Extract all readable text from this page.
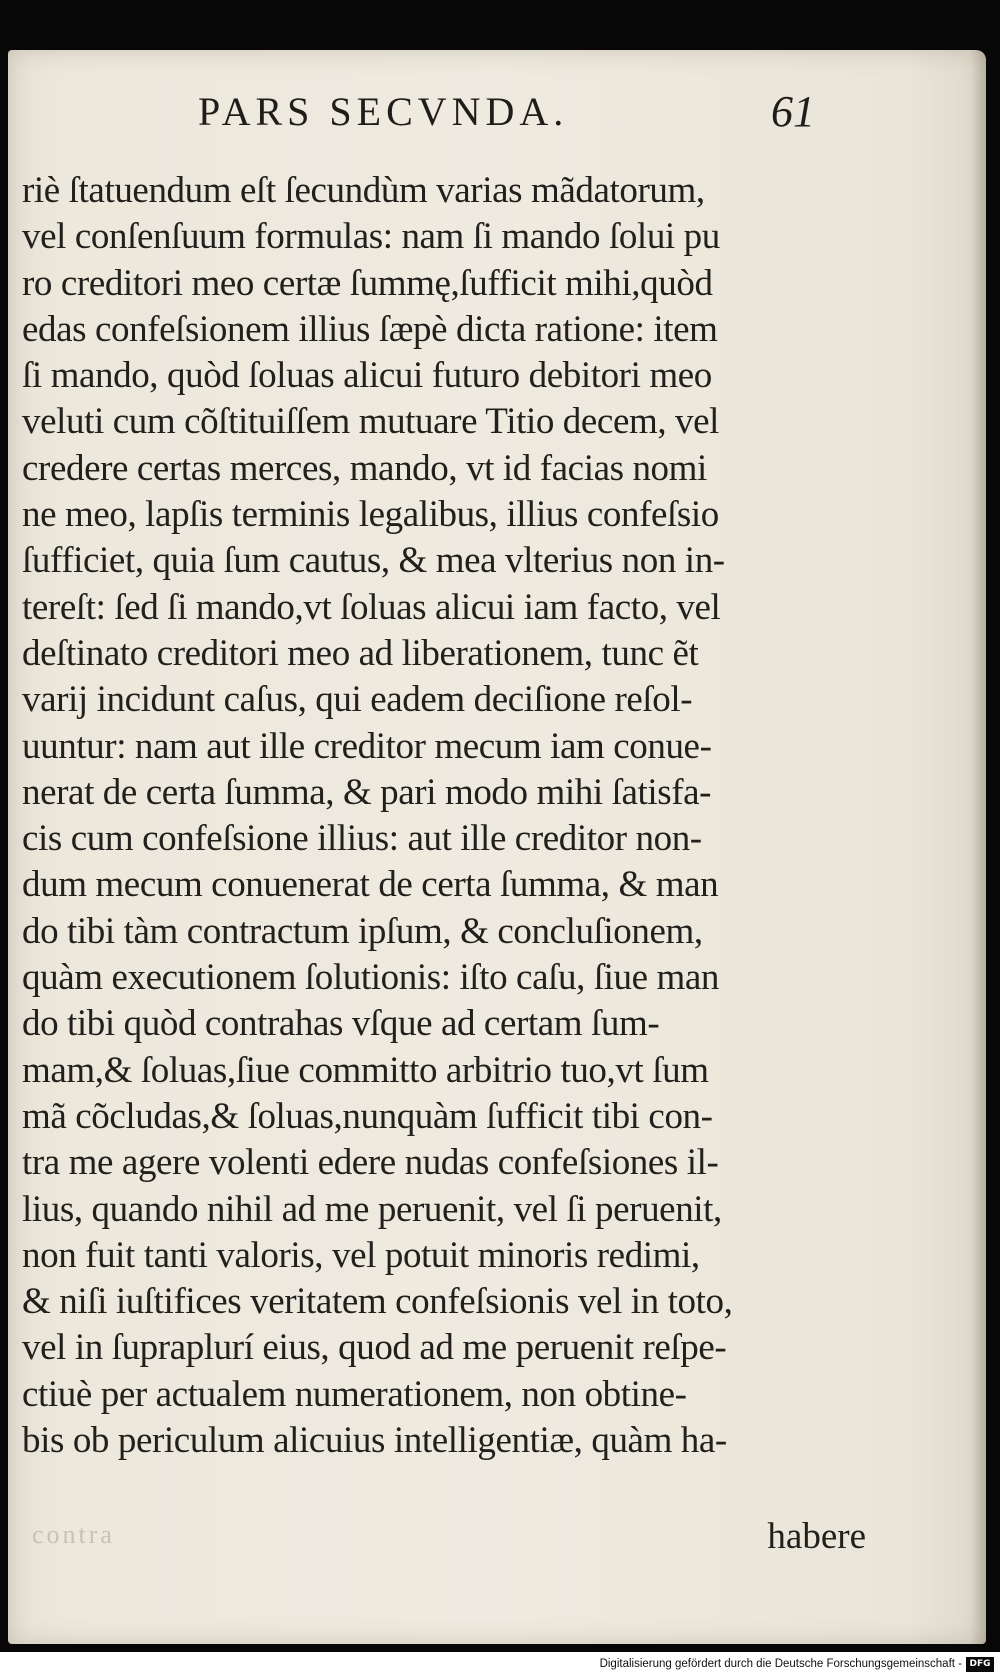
PARS SECVNDA.	61
riè ſtatuendum eſt ſecundùm varias mãdatorum,
vel conſenſuum formulas: nam ſi mando ſolui pu
ro creditori meo certæ ſummę,ſufficit mihi,quòd
edas confeſsionem illius ſæpè dicta ratione: item
ſi mando, quòd ſoluas alicui futuro debitori meo
veluti cum cõſtituiſſem mutuare Titio decem, vel
credere certas merces, mando, vt id facias nomi
ne meo, lapſis terminis legalibus, illius confeſsio
ſufficiet, quia ſum cautus, & mea vlterius non in-
tereſt: ſed ſi mando,vt ſoluas alicui iam facto, vel
deſtinato creditori meo ad liberationem, tunc ẽt
varij incidunt caſus, qui eadem deciſione reſol-
uuntur: nam aut ille creditor mecum iam conue-
nerat de certa ſumma, & pari modo mihi ſatisfa-
cis cum confeſsione illius: aut ille creditor non-
dum mecum conuenerat de certa ſumma, & man
do tibi tàm contractum ipſum, & concluſionem,
quàm executionem ſolutionis: iſto caſu, ſiue man
do tibi quòd contrahas vſque ad certam ſum-
mam,& ſoluas,ſiue committo arbitrio tuo,vt ſum
mã cõcludas,& ſoluas,nunquàm ſufficit tibi con-
tra me agere volenti edere nudas confeſsiones il-
lius, quando nihil ad me peruenit, vel ſi peruenit,
non fuit tanti valoris, vel potuit minoris redimi,
& niſi iuſtifices veritatem confeſsionis vel in toto,
vel in ſupraplurí eius, quod ad me peruenit reſpe-
ctiuè per actualem numerationem, non obtine-
bis ob periculum alicuius intelligentiæ, quàm ha-
contra	habere
Digitalisierung gefördert durch die Deutsche Forschungsgemeinschaft - DFG
